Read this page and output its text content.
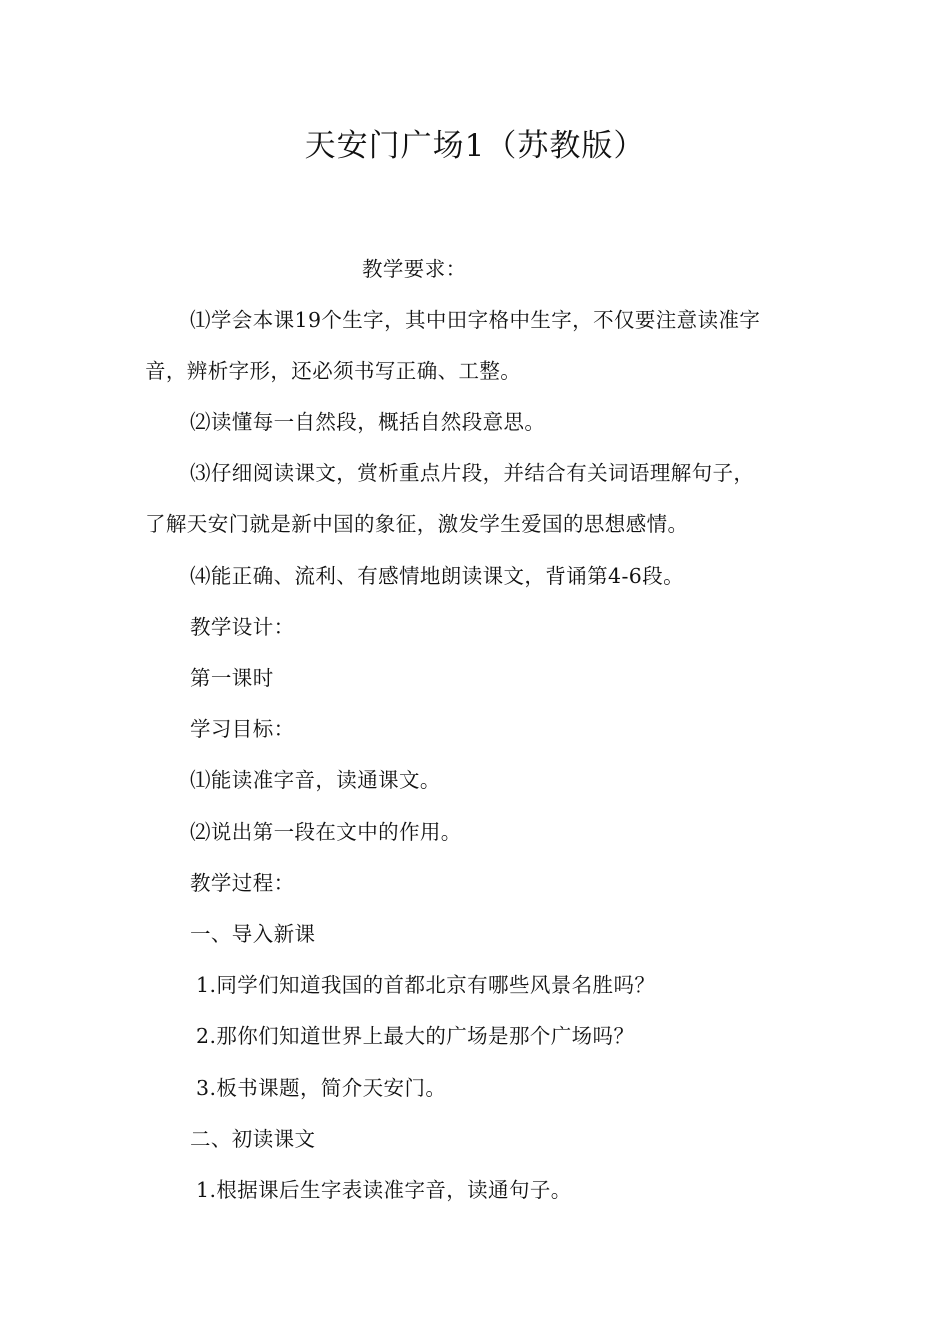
天安门广场1（苏教版）
教学要求：
⑴学会本课19个生字，其中田字格中生字，不仅要注意读准字
音，辨析字形，还必须书写正确、工整。
⑵读懂每一自然段，概括自然段意思。
⑶仔细阅读课文，赏析重点片段，并结合有关词语理解句子，
了解天安门就是新中国的象征，激发学生爱国的思想感情。
⑷能正确、流利、有感情地朗读课文，背诵第4-6段。
教学设计：
第一课时
学习目标：
⑴能读准字音，读通课文。
⑵说出第一段在文中的作用。
教学过程：
一、导入新课
1.同学们知道我国的首都北京有哪些风景名胜吗？
2.那你们知道世界上最大的广场是那个广场吗？
3.板书课题，简介天安门。
二、初读课文
1.根据课后生字表读准字音，读通句子。
